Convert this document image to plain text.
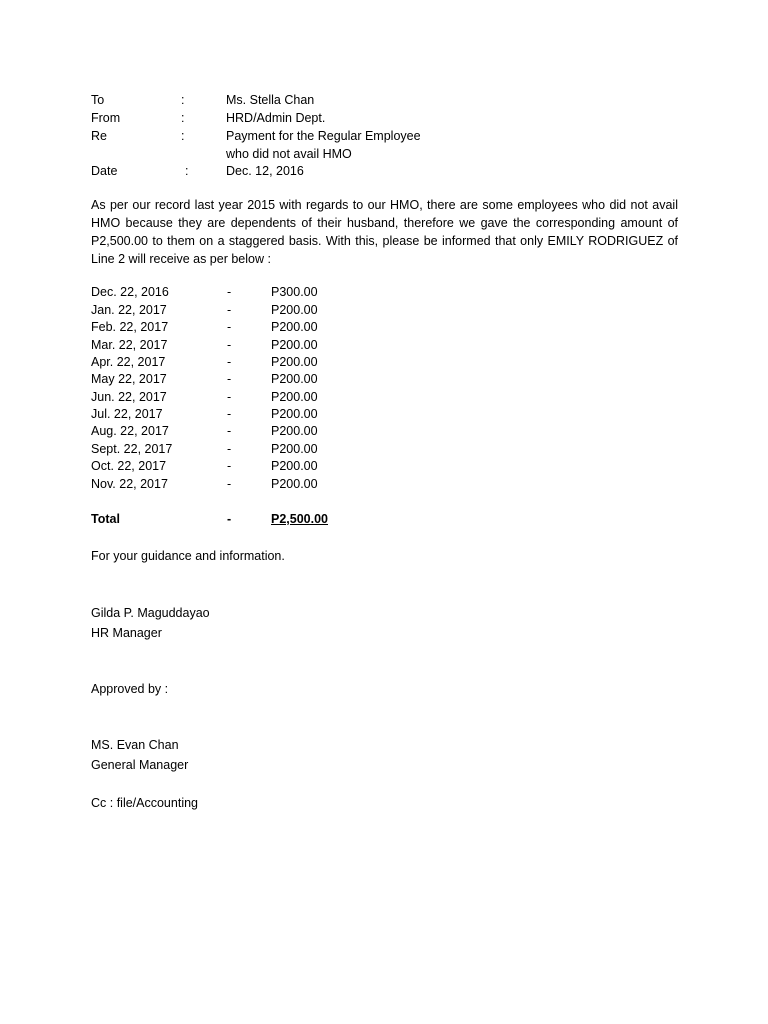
To	:	Ms. Stella Chan
From	:	HRD/Admin Dept.
Re	:	Payment for the Regular Employee
who did not avail HMO
Date	:	Dec. 12, 2016
As per our record last year 2015 with regards to our HMO, there are some employees who did not avail HMO because they are dependents of their husband, therefore we gave the corresponding amount of P2,500.00 to them on a staggered basis. With this, please be informed that only EMILY RODRIGUEZ of Line 2 will receive as per below :
Dec. 22, 2016	-	P300.00
Jan. 22, 2017	-	P200.00
Feb. 22, 2017	-	P200.00
Mar. 22, 2017	-	P200.00
Apr. 22, 2017	-	P200.00
May 22, 2017	-	P200.00
Jun. 22, 2017	-	P200.00
Jul. 22, 2017	-	P200.00
Aug. 22, 2017	-	P200.00
Sept. 22, 2017	-	P200.00
Oct. 22, 2017	-	P200.00
Nov. 22, 2017	-	P200.00
Total	-	P2,500.00
For your guidance and information.
Gilda P. Maguddayao
HR Manager
Approved by :
MS. Evan Chan
General Manager
Cc : file/Accounting
